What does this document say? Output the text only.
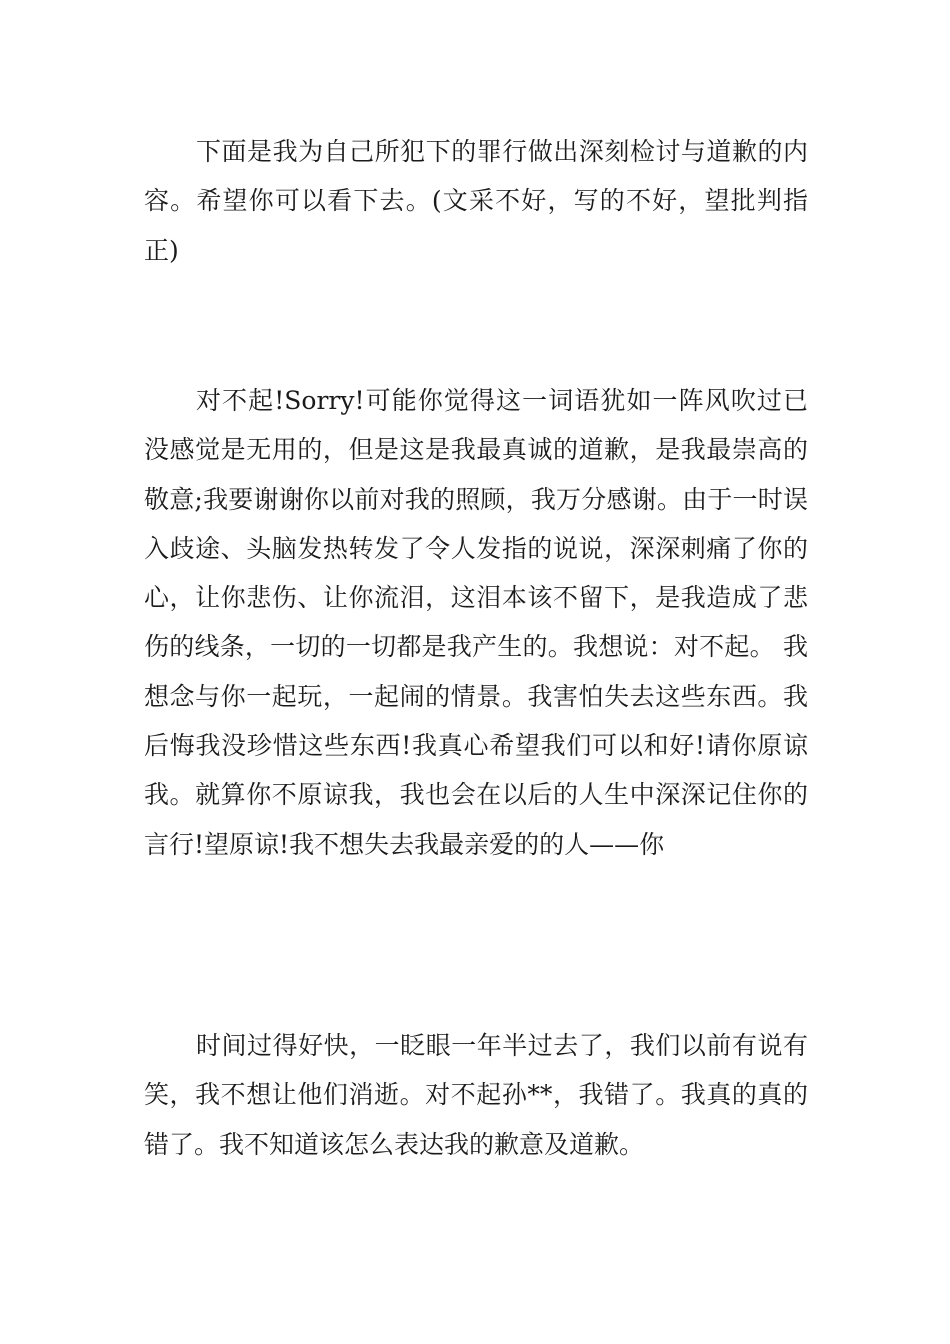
下面是我为自己所犯下的罪行做出深刻检讨与道歉的内容。希望你可以看下去。(文采不好，写的不好，望批判指正)

对不起!Sorry!可能你觉得这一词语犹如一阵风吹过已没感觉是无用的，但是这是我最真诚的道歉，是我最崇高的敬意;我要谢谢你以前对我的照顾，我万分感谢。由于一时误入歧途、头脑发热转发了令人发指的说说，深深刺痛了你的心，让你悲伤、让你流泪，这泪本该不留下，是我造成了悲伤的线条，一切的一切都是我产生的。我想说：对不起。 我想念与你一起玩，一起闹的情景。我害怕失去这些东西。我后悔我没珍惜这些东西!我真心希望我们可以和好!请你原谅我。就算你不原谅我，我也会在以后的人生中深深记住你的言行!望原谅!我不想失去我最亲爱的的人——你

时间过得好快，一眨眼一年半过去了，我们以前有说有笑，我不想让他们消逝。对不起孙**，我错了。我真的真的错了。我不知道该怎么表达我的歉意及道歉。
